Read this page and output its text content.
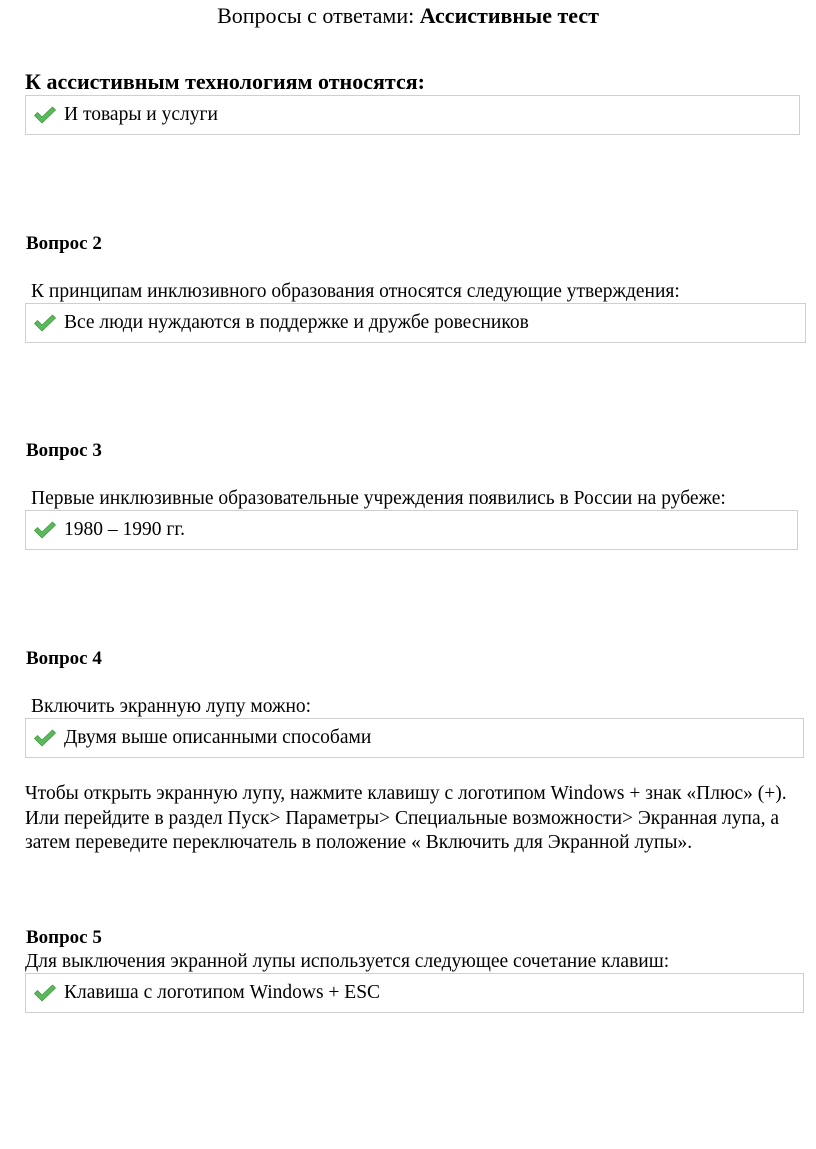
Вопросы с ответами: Ассистивные тест
К ассистивным технологиям относятся:
И товары и услуги
Вопрос 2
К принципам инклюзивного образования относятся следующие утверждения:
Все люди нуждаются в поддержке и дружбе ровесников
Вопрос 3
Первые инклюзивные образовательные учреждения появились в России на рубеже:
1980 – 1990 гг.
Вопрос 4
Включить экранную лупу можно:
Двумя выше описанными способами
Чтобы открыть экранную лупу, нажмите клавишу с логотипом Windows + знак «Плюс» (+). Или перейдите в раздел Пуск> Параметры> Специальные возможности> Экранная лупа, а затем переведите переключатель в положение « Включить для Экранной лупы».
Вопрос 5
Для выключения экранной лупы используется следующее сочетание клавиш:
Клавиша с логотипом Windows + ESC
